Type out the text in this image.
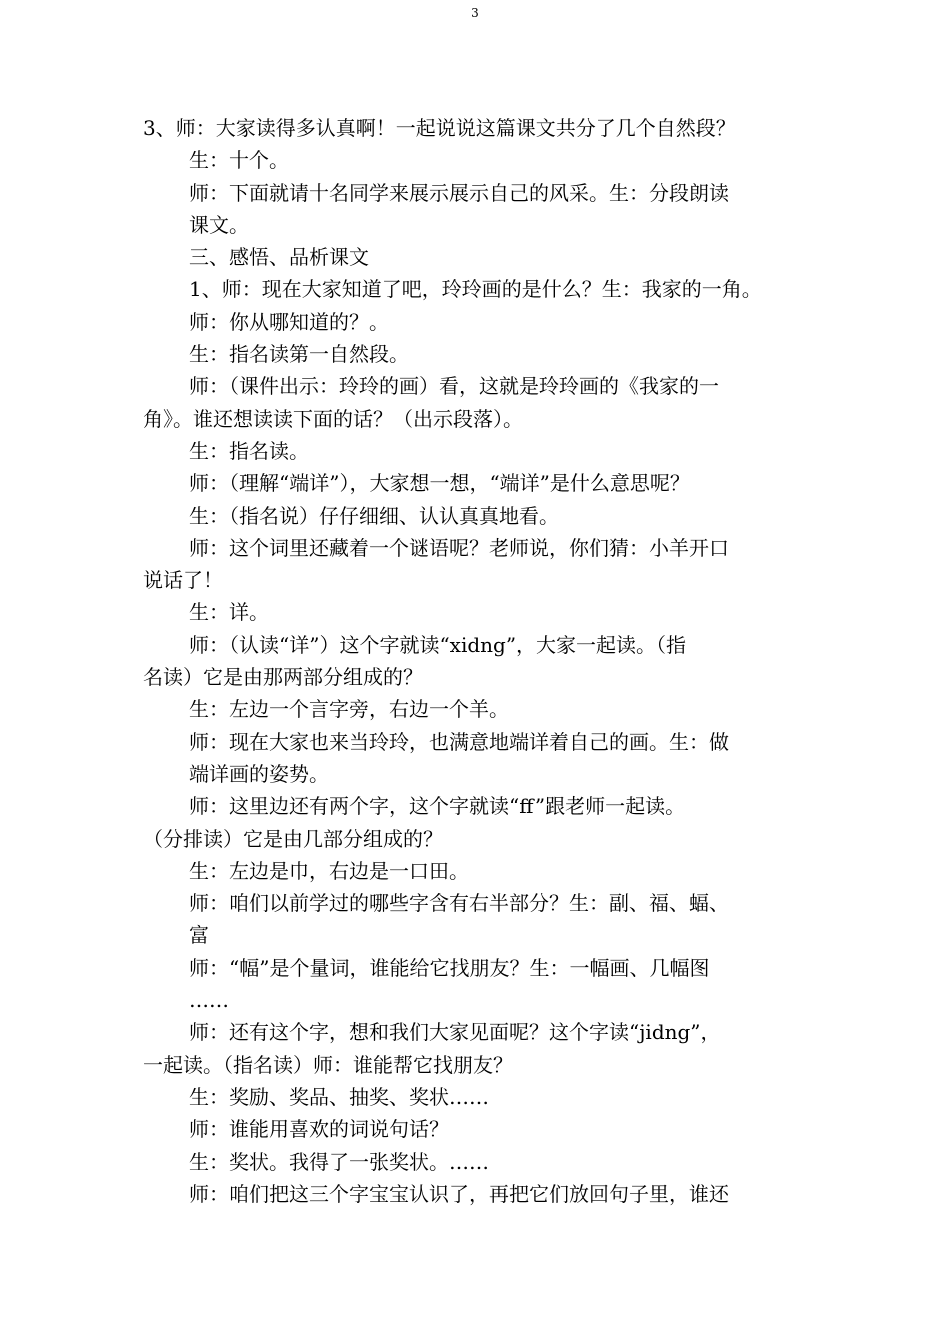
3
3、师：大家读得多认真啊！一起说说这篇课文共分了几个自然段？
生：十个。
师：下面就请十名同学来展示展示自己的风采。生：分段朗读
课文。
三、感悟、品析课文
1、师：现在大家知道了吧，玲玲画的是什么？生：我家的一角。
师：你从哪知道的？。
生：指名读第一自然段。
师：（课件出示：玲玲的画）看，这就是玲玲画的《我家的一
角》。谁还想读读下面的话？（出示段落）。
生：指名读。
师：（理解“端详”），大家想一想，“端详”是什么意思呢？
生：（指名说）仔仔细细、认认真真地看。
师：这个词里还藏着一个谜语呢？老师说，你们猜：小羊开口
说话了！
生：详。
师：（认读“详”）这个字就读“xidng”，大家一起读。（指
名读）它是由那两部分组成的？
生：左边一个言字旁，右边一个羊。
师：现在大家也来当玲玲，也满意地端详着自己的画。生：做
端详画的姿势。
师：这里边还有两个字，这个字就读“ff”跟老师一起读。
（分排读）它是由几部分组成的？
生：左边是巾，右边是一口田。
师：咱们以前学过的哪些字含有右半部分？生：副、福、蝠、
富
师：“幅”是个量词，谁能给它找朋友？生：一幅画、几幅图
……
师：还有这个字，想和我们大家见面呢？这个字读“jidng”，
一起读。（指名读）师：谁能帮它找朋友？
生：奖励、奖品、抽奖、奖状……
师：谁能用喜欢的词说句话？
生：奖状。我得了一张奖状。……
师：咱们把这三个字宝宝认识了，再把它们放回句子里，谁还
